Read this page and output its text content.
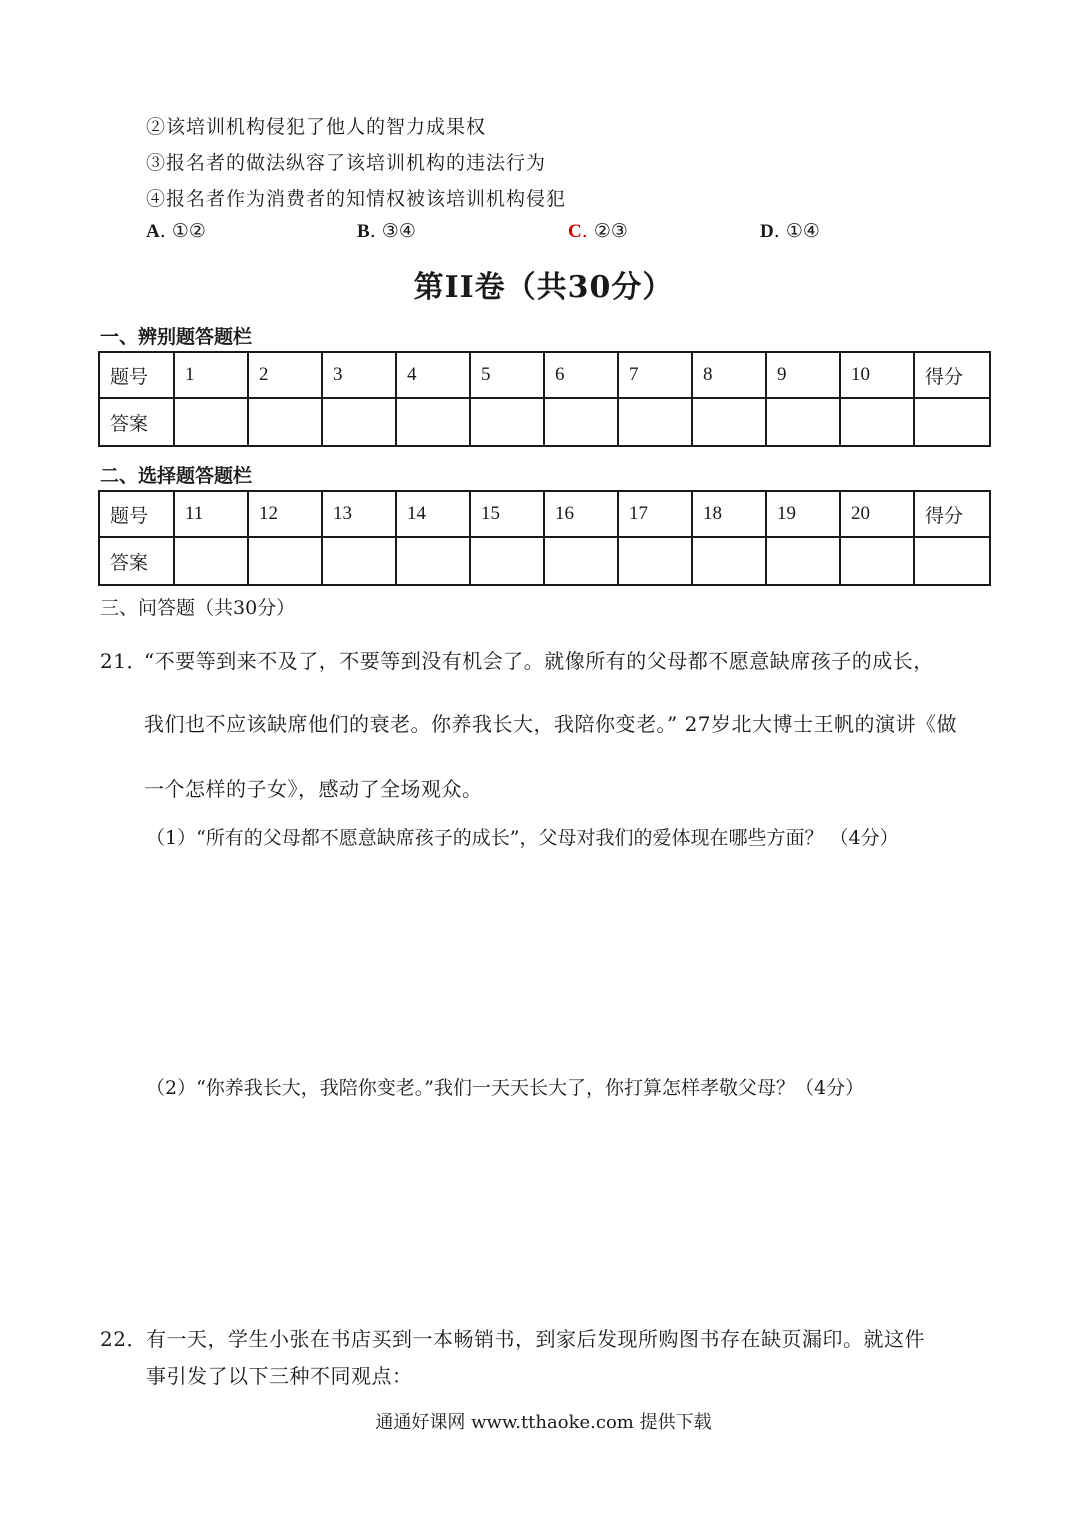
②该培训机构侵犯了他人的智力成果权
③报名者的做法纵容了该培训机构的违法行为
④报名者作为消费者的知情权被该培训机构侵犯
A. ①②	B. ③④	C. ②③	D. ①④
第II卷（共30分）
一、辨别题答题栏
题号	1	2	3	4	5	6	7	8	9	10	得分
答案											
二、选择题答题栏
题号	11	12	13	14	15	16	17	18	19	20	得分
答案											
三、问答题（共30分）
21．
“不要等到来不及了，不要等到没有机会了。就像所有的父母都不愿意缺席孩子的成长，
我们也不应该缺席他们的衰老。你养我长大，我陪你变老。” 27岁北大博士王帆的演讲《做
一个怎样的子女》，感动了全场观众。
（1）“所有的父母都不愿意缺席孩子的成长”，父母对我们的爱体现在哪些方面？ （4分）
（2）“你养我长大，我陪你变老。”我们一天天长大了，你打算怎样孝敬父母？（4分）
22． 有一天，学生小张在书店买到一本畅销书，到家后发现所购图书存在缺页漏印。就这件
事引发了以下三种不同观点：
通通好课网 www.tthaoke.com 提供下载
